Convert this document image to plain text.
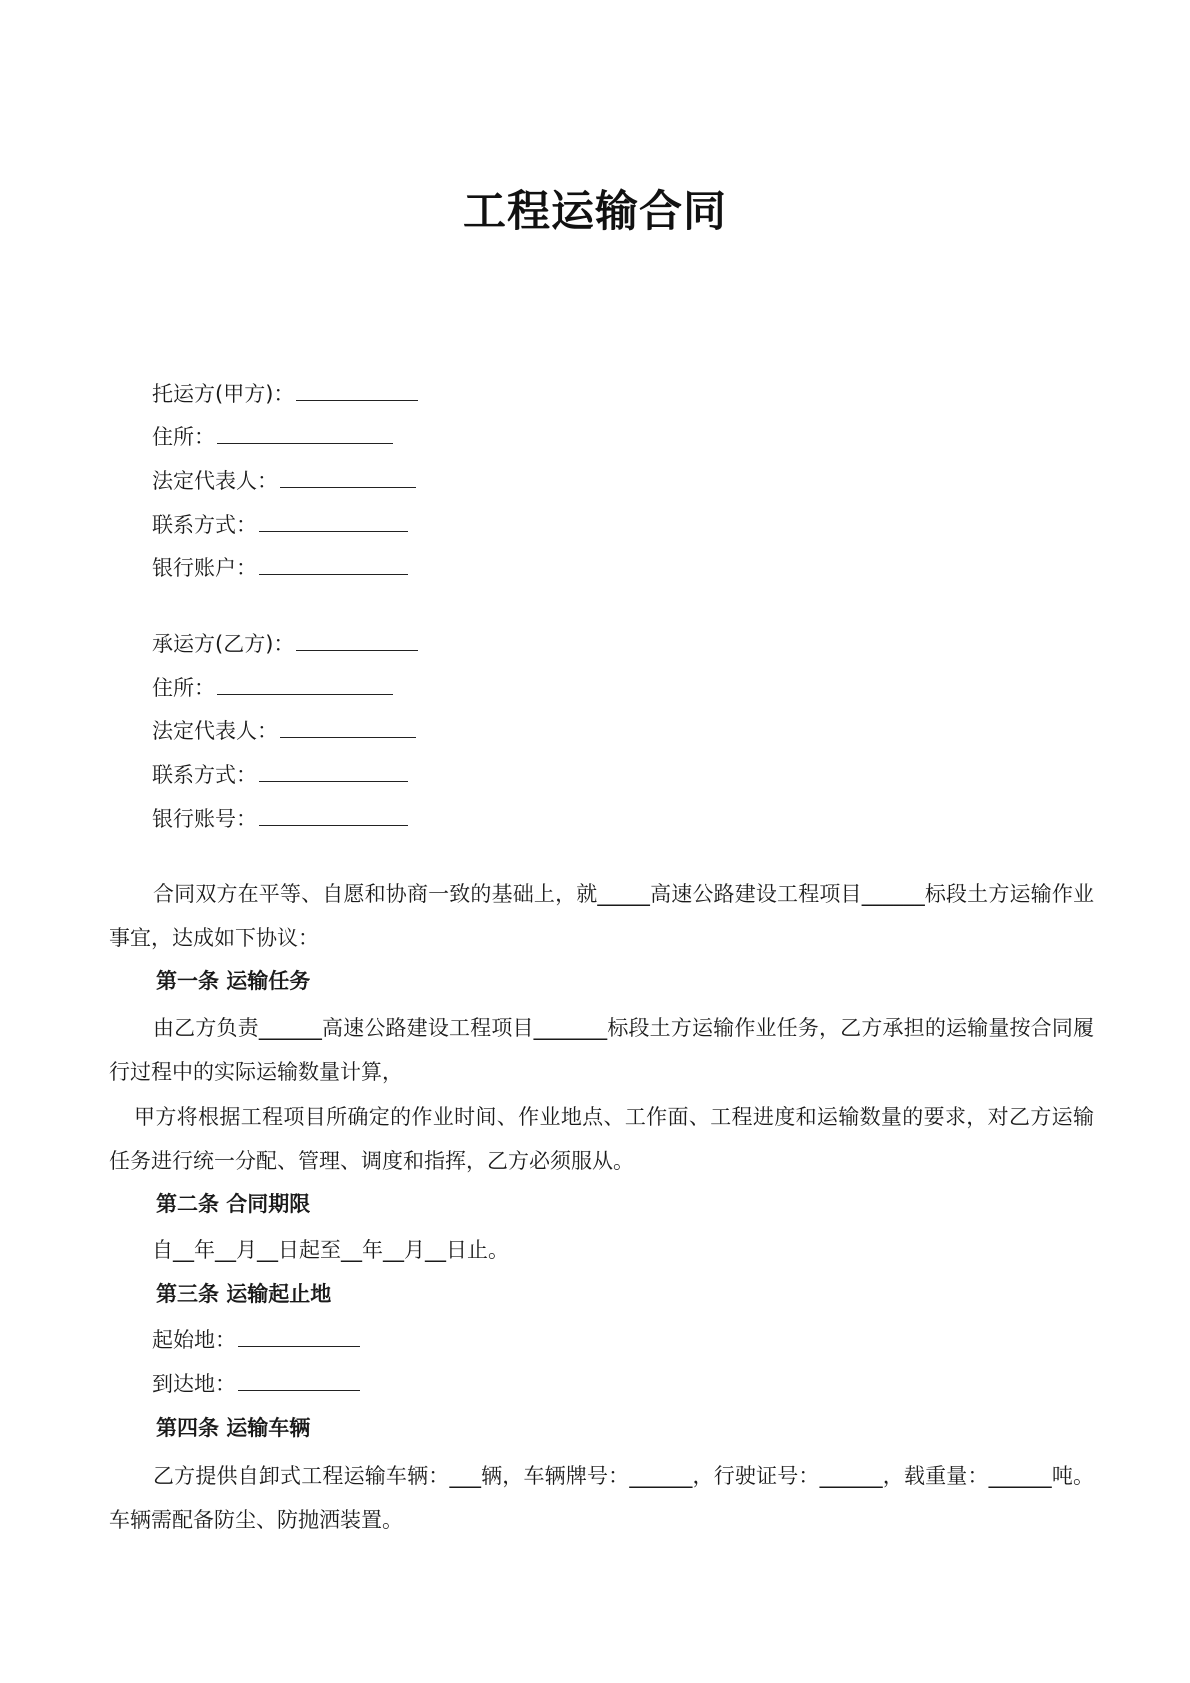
工程运输合同
托运方(甲方)：
住所：
法定代表人：
联系方式：
银行账户：
承运方(乙方)：
住所：
法定代表人：
联系方式：
银行账号：
合同双方在平等、自愿和协商一致的基础上，就_____高速公路建设工程项目______标段土方运输作业事宜，达成如下协议：
第一条 运输任务
由乙方负责______高速公路建设工程项目_______标段土方运输作业任务，乙方承担的运输量按合同履行过程中的实际运输数量计算，
甲方将根据工程项目所确定的作业时间、作业地点、工作面、工程进度和运输数量的要求，对乙方运输任务进行统一分配、管理、调度和指挥，乙方必须服从。
第二条 合同期限
自__年__月__日起至__年__月__日止。
第三条 运输起止地
起始地：
到达地：
第四条 运输车辆
乙方提供自卸式工程运输车辆：___辆，车辆牌号：______，行驶证号：______，载重量：______吨。车辆需配备防尘、防抛洒装置。
